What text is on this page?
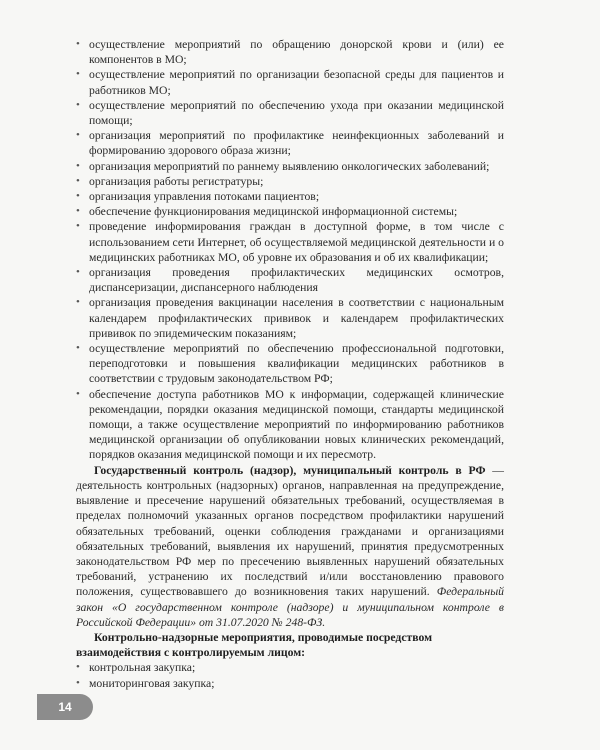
• осуществление мероприятий по обращению донорской крови и (или) ее компонентов в МО;
• осуществление мероприятий по организации безопасной среды для пациентов и работников МО;
• осуществление мероприятий по обеспечению ухода при оказании медицинской помощи;
• организация мероприятий по профилактике неинфекционных заболеваний и формированию здорового образа жизни;
• организация мероприятий по раннему выявлению онкологических заболеваний;
• организация работы регистратуры;
• организация управления потоками пациентов;
• обеспечение функционирования медицинской информационной системы;
• проведение информирования граждан в доступной форме, в том числе с использованием сети Интернет, об осуществляемой медицинской деятельности и о медицинских работниках МО, об уровне их образования и об их квалификации;
• организация проведения профилактических медицинских осмотров, диспансеризации, диспансерного наблюдения
• организация проведения вакцинации населения в соответствии с национальным календарем профилактических прививок и календарем профилактических прививок по эпидемическим показаниям;
• осуществление мероприятий по обеспечению профессиональной подготовки, переподготовки и повышения квалификации медицинских работников в соответствии с трудовым законодательством РФ;
• обеспечение доступа работников МО к информации, содержащей клинические рекомендации, порядки оказания медицинской помощи, стандарты медицинской помощи, а также осуществление мероприятий по информированию работников медицинской организации об опубликовании новых клинических рекомендаций, порядков оказания медицинской помощи и их пересмотр.

Государственный контроль (надзор), муниципальный контроль в РФ — деятельность контрольных (надзорных) органов, направленная на предупреждение, выявление и пресечение нарушений обязательных требований, осуществляемая в пределах полномочий указанных органов посредством профилактики нарушений обязательных требований, оценки соблюдения гражданами и организациями обязательных требований, выявления их нарушений, принятия предусмотренных законодательством РФ мер по пресечению выявленных нарушений обязательных требований, устранению их последствий и/или восстановлению правового положения, существовавшего до возникновения таких нарушений. Федеральный закон «О государственном контроле (надзоре) и муниципальном контроле в Российской Федерации» от 31.07.2020 № 248-ФЗ.

Контрольно-надзорные мероприятия, проводимые посредством взаимодействия с контролируемым лицом:

• контрольная закупка;
• мониторинговая закупка;
14
